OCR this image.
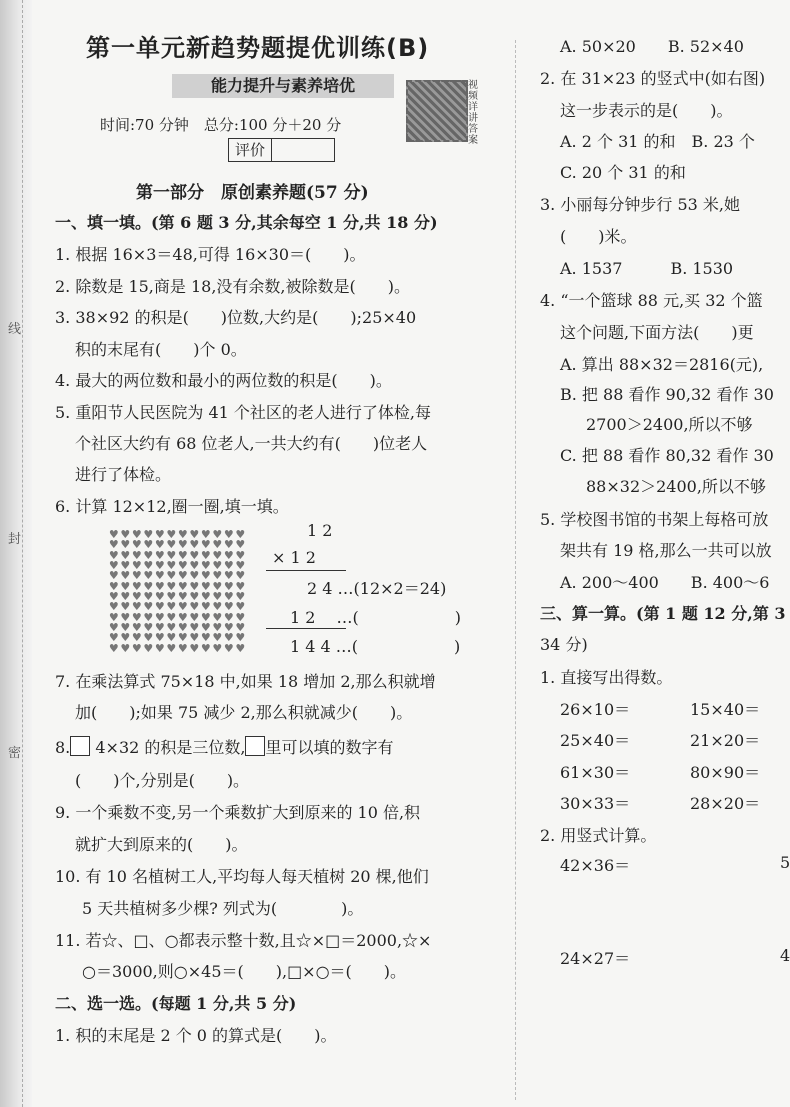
线
封
密
第一单元新趋势题提优训练(B)
能力提升与素养培优	视频详讲答案
时间:70 分钟　总分:100 分＋20 分
评价
第一部分　原创素养题(57 分)
一、填一填。(第 6 题 3 分,其余每空 1 分,共 18 分)
1. 根据 16×3＝48,可得 16×30＝(　　)。
2. 除数是 15,商是 18,没有余数,被除数是(　　)。
3. 38×92 的积是(　　)位数,大约是(　　);25×40
积的末尾有(　　)个 0。
4. 最大的两位数和最小的两位数的积是(　　)。
5. 重阳节人民医院为 41 个社区的老人进行了体检,每
个社区大约有 68 位老人,一共大约有(　　)位老人
进行了体检。
6. 计算 12×12,圈一圈,填一填。
♥ ♥ ♥ ♥ ♥ ♥ ♥ ♥ ♥ ♥ ♥ ♥
♥ ♥ ♥ ♥ ♥ ♥ ♥ ♥ ♥ ♥ ♥ ♥
♥ ♥ ♥ ♥ ♥ ♥ ♥ ♥ ♥ ♥ ♥ ♥
♥ ♥ ♥ ♥ ♥ ♥ ♥ ♥ ♥ ♥ ♥ ♥
♥ ♥ ♥ ♥ ♥ ♥ ♥ ♥ ♥ ♥ ♥ ♥
♥ ♥ ♥ ♥ ♥ ♥ ♥ ♥ ♥ ♥ ♥ ♥
♥ ♥ ♥ ♥ ♥ ♥ ♥ ♥ ♥ ♥ ♥ ♥
♥ ♥ ♥ ♥ ♥ ♥ ♥ ♥ ♥ ♥ ♥ ♥
♥ ♥ ♥ ♥ ♥ ♥ ♥ ♥ ♥ ♥ ♥ ♥
♥ ♥ ♥ ♥ ♥ ♥ ♥ ♥ ♥ ♥ ♥ ♥
♥ ♥ ♥ ♥ ♥ ♥ ♥ ♥ ♥ ♥ ♥ ♥
♥ ♥ ♥ ♥ ♥ ♥ ♥ ♥ ♥ ♥ ♥ ♥
1 2
× 1 2
2 4 …(12×2＝24)
1 2 　…(　　　　　　)
1 4 4 …(　　　　　　)
7. 在乘法算式 75×18 中,如果 18 增加 2,那么积就增
加(　　);如果 75 减少 2,那么积就减少(　　)。
8. 4×32 的积是三位数, 里可以填的数字有
(　　)个,分别是(　　)。
9. 一个乘数不变,另一个乘数扩大到原来的 10 倍,积
就扩大到原来的(　　)。
10. 有 10 名植树工人,平均每人每天植树 20 棵,他们
5 天共植树多少棵? 列式为(　　　　)。
11. 若☆、□、○都表示整十数,且☆×□＝2000,☆×
○＝3000,则○×45＝(　　),□×○＝(　　)。
二、选一选。(每题 1 分,共 5 分)
1. 积的末尾是 2 个 0 的算式是(　　)。
A. 50×20　　B. 52×40
2. 在 31×23 的竖式中(如右图)
这一步表示的是(　　)。
A. 2 个 31 的和　B. 23 个
C. 20 个 31 的和
3. 小丽每分钟步行 53 米,她
(　　)米。
A. 1537　　　B. 1530
4. “一个篮球 88 元,买 32 个篮
这个问题,下面方法(　　)更
A. 算出 88×32＝2816(元),
B. 把 88 看作 90,32 看作 30
2700＞2400,所以不够
C. 把 88 看作 80,32 看作 30
88×32＞2400,所以不够
5. 学校图书馆的书架上每格可放
架共有 19 格,那么一共可以放
A. 200～400　　B. 400～6
三、算一算。(第 1 题 12 分,第 3
34 分)
1. 直接写出得数。
26×10＝	15×40＝
25×40＝	21×20＝
61×30＝	80×90＝
30×33＝	28×20＝
2. 用竖式计算。
42×36＝	5
24×27＝	4
